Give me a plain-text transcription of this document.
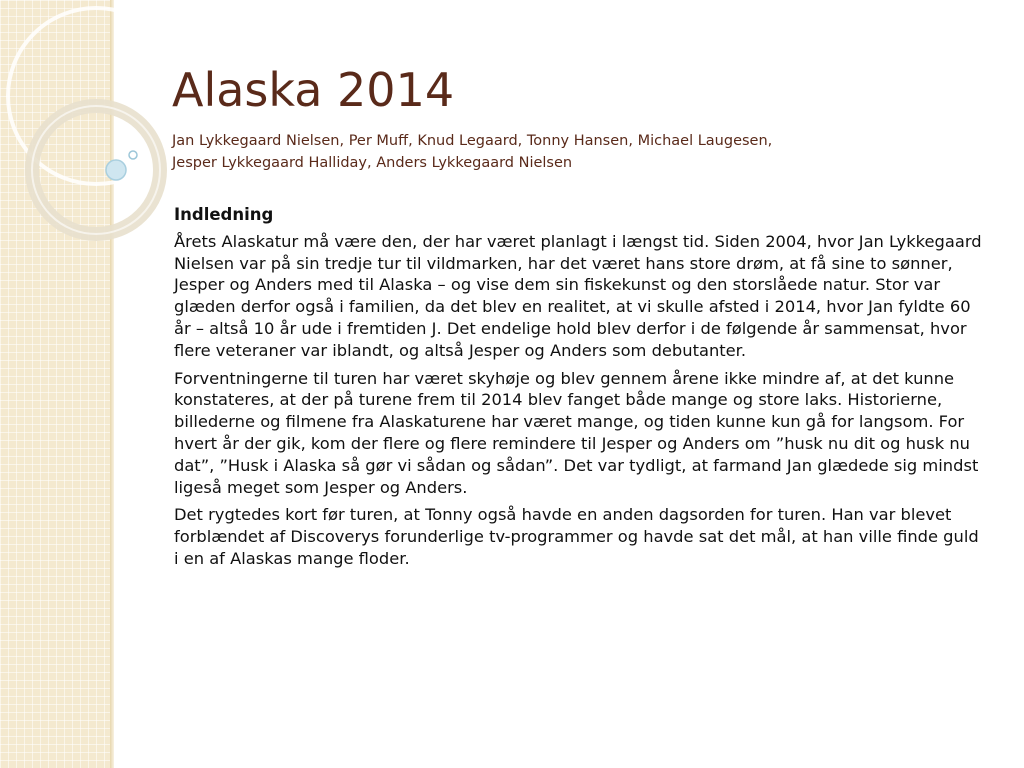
Alaska 2014
Jan Lykkegaard Nielsen, Per Muff, Knud Legaard, Tonny Hansen, Michael Laugesen,
Jesper Lykkegaard Halliday, Anders Lykkegaard Nielsen

Indledning

Årets Alaskatur må være den, der har været planlagt i længst tid. Siden 2004, hvor Jan Lykkegaard Nielsen var på sin tredje tur til vildmarken, har det været hans store drøm, at få sine to sønner, Jesper og Anders med til Alaska – og vise dem sin fiskekunst og den storslåede natur. Stor var glæden derfor også i familien, da det blev en realitet, at vi skulle afsted i 2014, hvor Jan fyldte 60 år – altså 10 år ude i fremtiden J. Det endelige hold blev derfor i de følgende år sammensat, hvor flere veteraner var iblandt, og altså Jesper og Anders som debutanter.

Forventningerne til turen har været skyhøje og blev gennem årene ikke mindre af, at det kunne konstateres, at der på turene frem til 2014 blev fanget både mange og store laks. Historierne, billederne og filmene fra Alaskaturene har været mange, og tiden kunne kun gå for langsom. For hvert år der gik, kom der flere og flere remindere til Jesper og Anders om ”husk nu dit og husk nu dat”, ”Husk i Alaska så gør vi sådan og sådan”. Det var tydligt, at farmand Jan glædede sig mindst ligeså meget som Jesper og Anders.

Det rygtedes kort før turen, at Tonny også havde en anden dagsorden for turen. Han var blevet forblændet af Discoverys forunderlige tv-programmer og havde sat det mål, at han ville finde guld i en af Alaskas mange floder.
